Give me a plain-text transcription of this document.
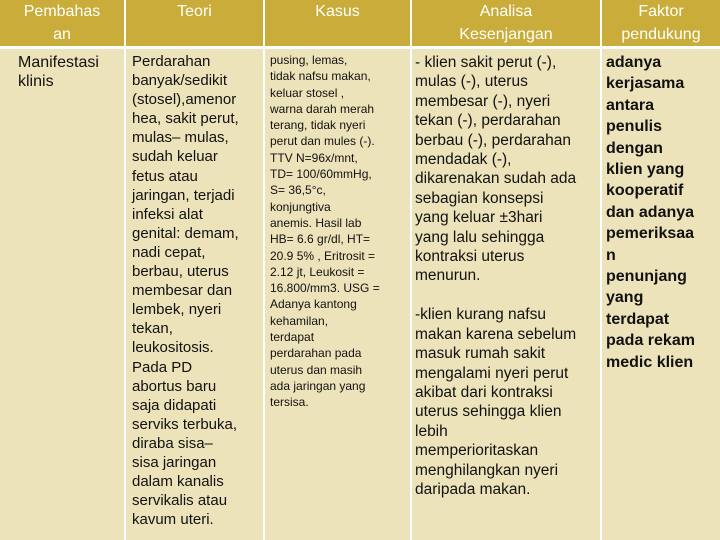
Pembahas
an
Teori	Kasus	Analisa
Kesenjangan
Faktor
pendukung
Manifestasi
klinis
Perdarahan
banyak/sedikit
(stosel),amenor
hea, sakit perut,
mulas– mulas,
sudah keluar
fetus atau
jaringan, terjadi
infeksi alat
genital: demam,
nadi cepat,
berbau, uterus
membesar dan
lembek, nyeri
tekan,
leukositosis.
Pada PD
abortus baru
saja didapati
serviks terbuka,
diraba sisa–
sisa jaringan
dalam kanalis
servikalis atau
kavum uteri.
pusing, lemas,
tidak nafsu makan,
keluar stosel ,
warna darah merah
terang, tidak nyeri
perut dan mules (-).
TTV N=96x/mnt,
TD= 100/60mmHg,
S= 36,5°c,
konjungtiva
anemis. Hasil lab
HB= 6.6 gr/dl, HT=
20.9 5% , Eritrosit =
2.12 jt, Leukosit =
16.800/mm3. USG =
Adanya kantong
kehamilan,
terdapat
perdarahan pada
uterus dan masih
ada jaringan yang
tersisa.
- klien sakit perut (-),
mulas (-), uterus
membesar (-), nyeri
tekan (-), perdarahan
berbau (-), perdarahan
mendadak (-),
dikarenakan sudah ada
sebagian konsepsi
yang keluar ±3hari
yang lalu sehingga
kontraksi uterus
menurun.

-klien kurang nafsu
makan karena sebelum
masuk rumah sakit
mengalami nyeri perut
akibat dari kontraksi
uterus sehingga klien
lebih
memperioritaskan
menghilangkan nyeri
daripada makan.
adanya
kerjasama
antara
penulis
dengan
klien yang
kooperatif
dan adanya
pemeriksaa
n
penunjang
yang
terdapat
pada rekam
medic klien
